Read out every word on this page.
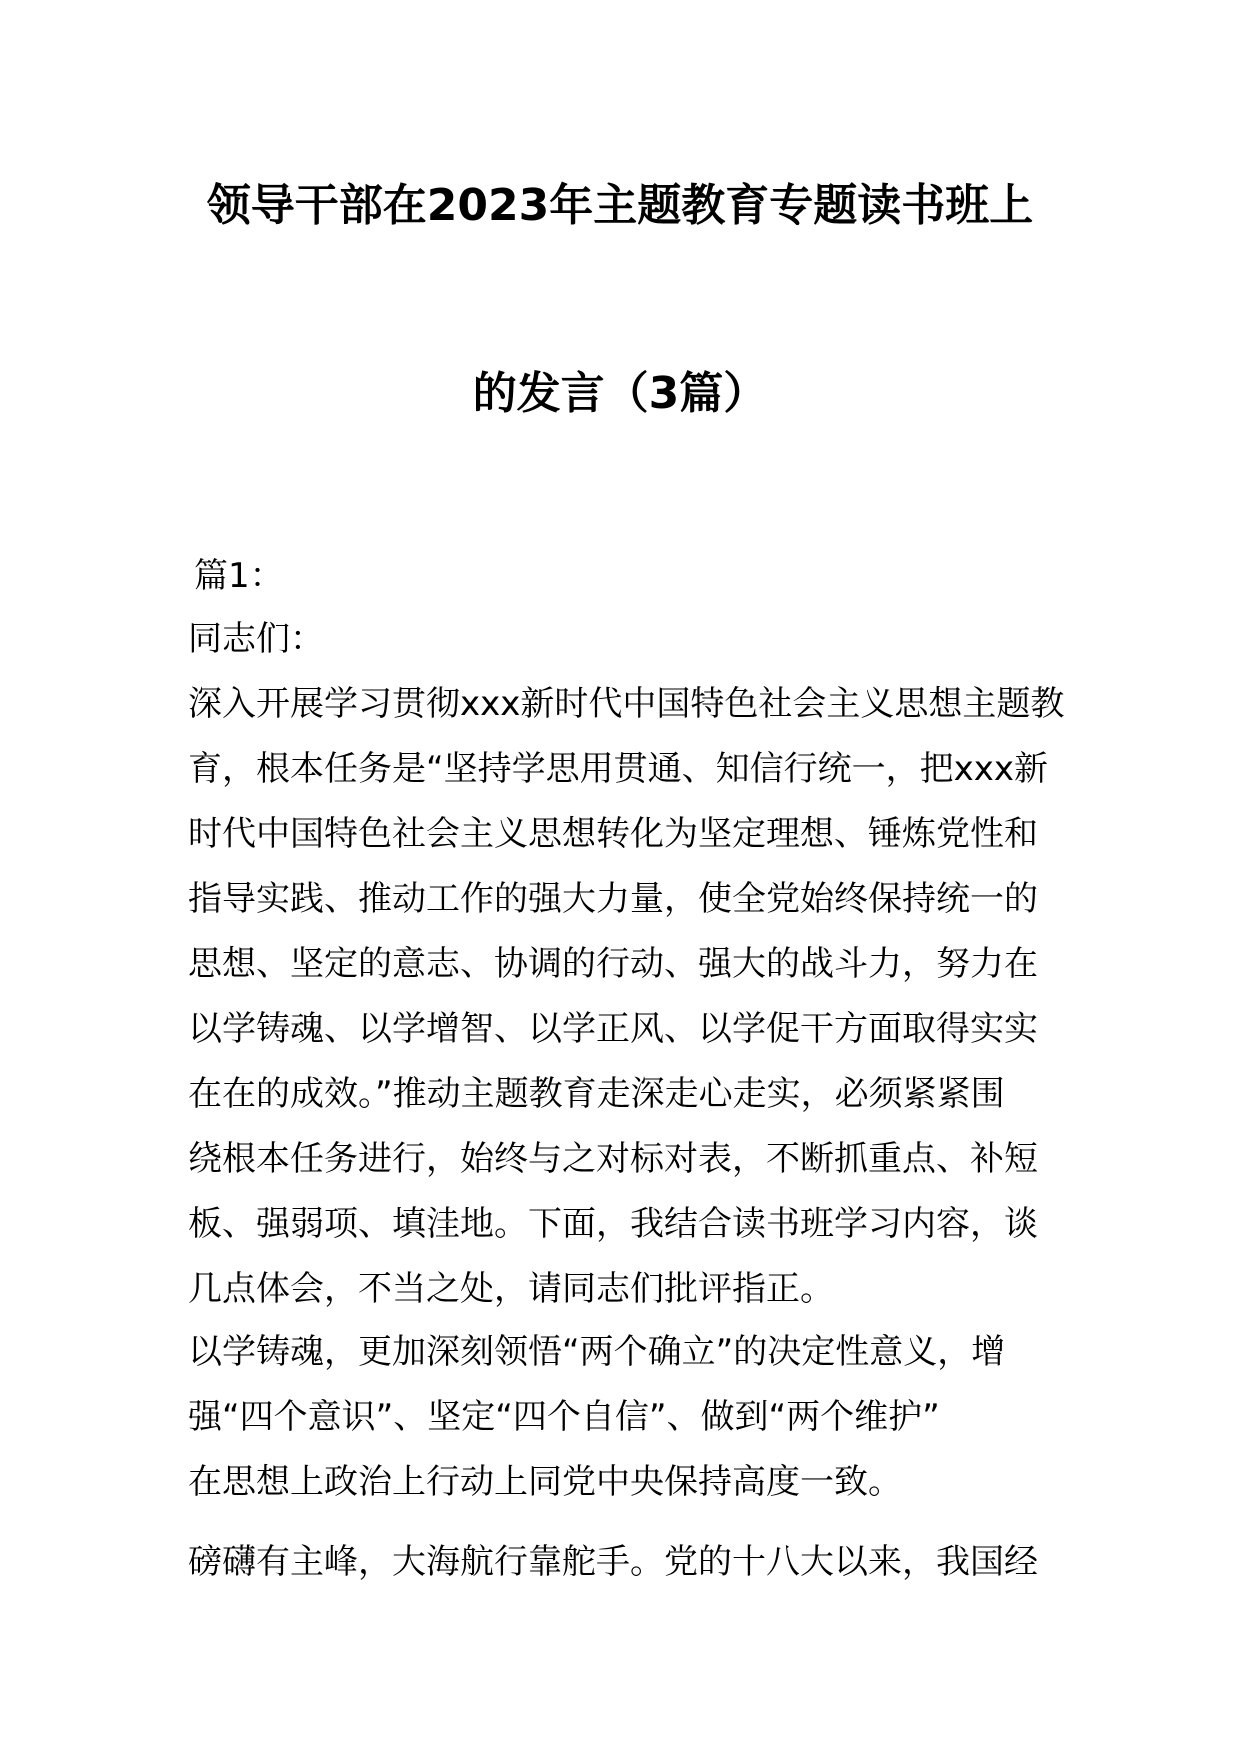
领导干部在2023年主题教育专题读书班上
的发言（3篇）
篇1：
同志们：
深入开展学习贯彻xxx新时代中国特色社会主义思想主题教
育，根本任务是“坚持学思用贯通、知信行统一，把xxx新
时代中国特色社会主义思想转化为坚定理想、锤炼党性和
指导实践、推动工作的强大力量，使全党始终保持统一的
思想、坚定的意志、协调的行动、强大的战斗力，努力在
以学铸魂、以学增智、以学正风、以学促干方面取得实实
在在的成效。”推动主题教育走深走心走实，必须紧紧围
绕根本任务进行，始终与之对标对表，不断抓重点、补短
板、强弱项、填洼地。下面，我结合读书班学习内容，谈
几点体会，不当之处，请同志们批评指正。
以学铸魂，更加深刻领悟“两个确立”的决定性意义，增
强“四个意识”、坚定“四个自信”、做到“两个维护”
在思想上政治上行动上同党中央保持高度一致。
磅礴有主峰，大海航行靠舵手。党的十八大以来，我国经
